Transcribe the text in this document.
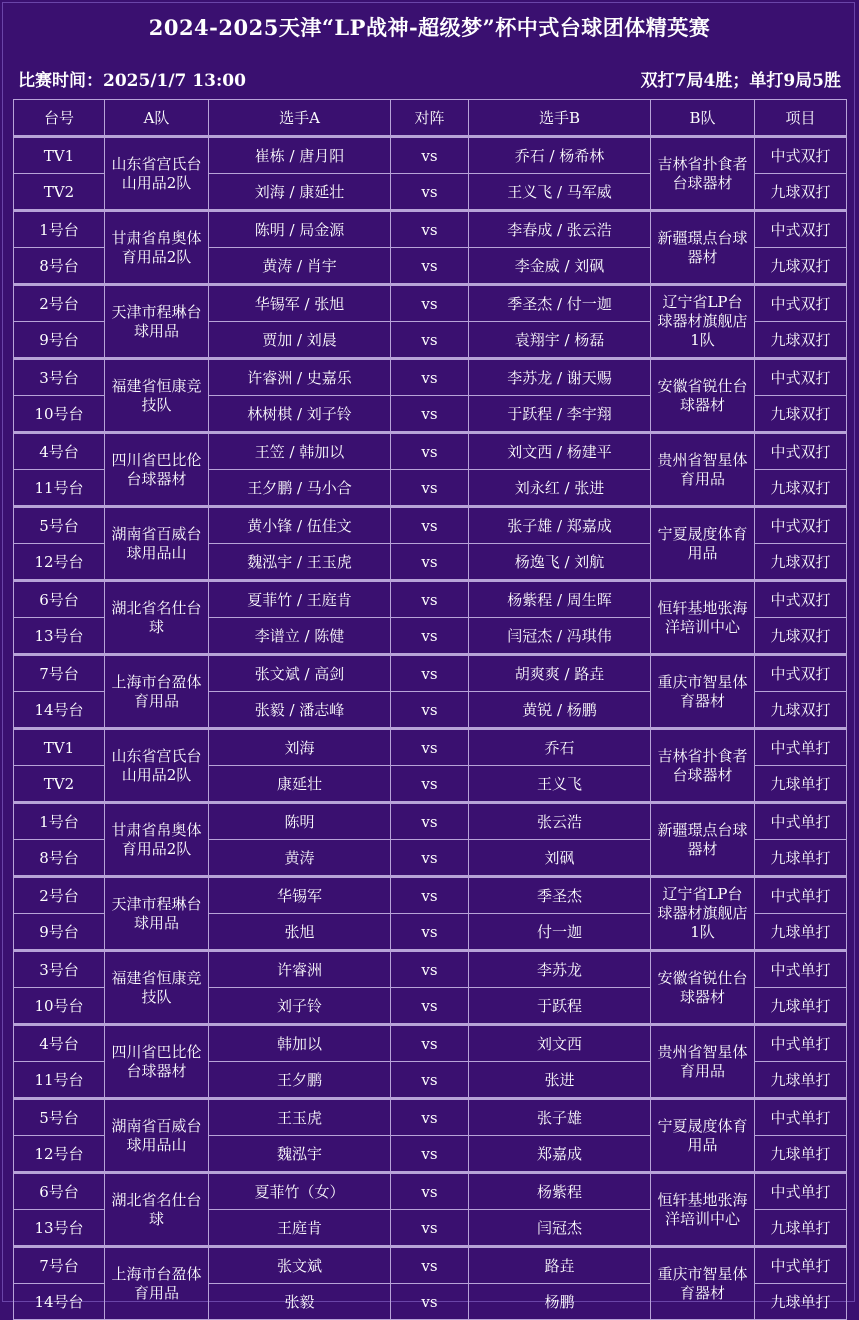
2024-2025天津“LP战神-超级梦”杯中式台球团体精英赛
比赛时间：2025/1/7 13:00	双打7局4胜；单打9局5胜
台号	A队	选手A	对阵	选手B	B队	项目
TV1	山东省宫氏台山用品2队	崔栋 / 唐月阳	vs	乔石 / 杨希林	吉林省扑食者台球器材	中式双打
TV2		刘海 / 康延壮	vs	王义飞 / 马军威		九球双打
1号台	甘肃省帛奥体育用品2队	陈明 / 局金源	vs	李春成 / 张云浩	新疆璟点台球器材	中式双打
8号台		黄涛 / 肖宇	vs	李金威 / 刘砜		九球双打
2号台	天津市程琳台球用品	华锡军 / 张旭	vs	季圣杰 / 付一迦	辽宁省LP台球器材旗舰店1队	中式双打
9号台		贾加 / 刘晨	vs	袁翔宇 / 杨磊		九球双打
3号台	福建省恒康竞技队	许睿洲 / 史嘉乐	vs	李苏龙 / 谢天赐	安徽省锐仕台球器材	中式双打
10号台		林树棋 / 刘子铃	vs	于跃程 / 李宇翔		九球双打
4号台	四川省巴比伦台球器材	王笠 / 韩加以	vs	刘文西 / 杨建平	贵州省智星体育用品	中式双打
11号台		王夕鹏 / 马小合	vs	刘永红 / 张进		九球双打
5号台	湖南省百威台球用品山	黄小锋 / 伍佳文	vs	张子雄 / 郑嘉成	宁夏晟度体育用品	中式双打
12号台		魏泓宇 / 王玉虎	vs	杨逸飞 / 刘航		九球双打
6号台	湖北省名仕台球	夏菲竹 / 王庭肯	vs	杨紫程 / 周生晖	恒轩基地张海洋培训中心	中式双打
13号台		李谱立 / 陈健	vs	闫冠杰 / 冯琪伟		九球双打
7号台	上海市台盈体育用品	张文斌 / 高剑	vs	胡爽爽 / 路垚	重庆市智星体育器材	中式双打
14号台		张毅 / 潘志峰	vs	黄锐 / 杨鹏		九球双打
TV1	山东省宫氏台山用品2队	刘海	vs	乔石	吉林省扑食者台球器材	中式单打
TV2		康延壮	vs	王义飞		九球单打
1号台	甘肃省帛奥体育用品2队	陈明	vs	张云浩	新疆璟点台球器材	中式单打
8号台		黄涛	vs	刘砜		九球单打
2号台	天津市程琳台球用品	华锡军	vs	季圣杰	辽宁省LP台球器材旗舰店1队	中式单打
9号台		张旭	vs	付一迦		九球单打
3号台	福建省恒康竞技队	许睿洲	vs	李苏龙	安徽省锐仕台球器材	中式单打
10号台		刘子铃	vs	于跃程		九球单打
4号台	四川省巴比伦台球器材	韩加以	vs	刘文西	贵州省智星体育用品	中式单打
11号台		王夕鹏	vs	张进		九球单打
5号台	湖南省百威台球用品山	王玉虎	vs	张子雄	宁夏晟度体育用品	中式单打
12号台		魏泓宇	vs	郑嘉成		九球单打
6号台	湖北省名仕台球	夏菲竹（女）	vs	杨紫程	恒轩基地张海洋培训中心	中式单打
13号台		王庭肯	vs	闫冠杰		九球单打
7号台	上海市台盈体育用品	张文斌	vs	路垚	重庆市智星体育器材	中式单打
14号台		张毅	vs	杨鹏		九球单打
